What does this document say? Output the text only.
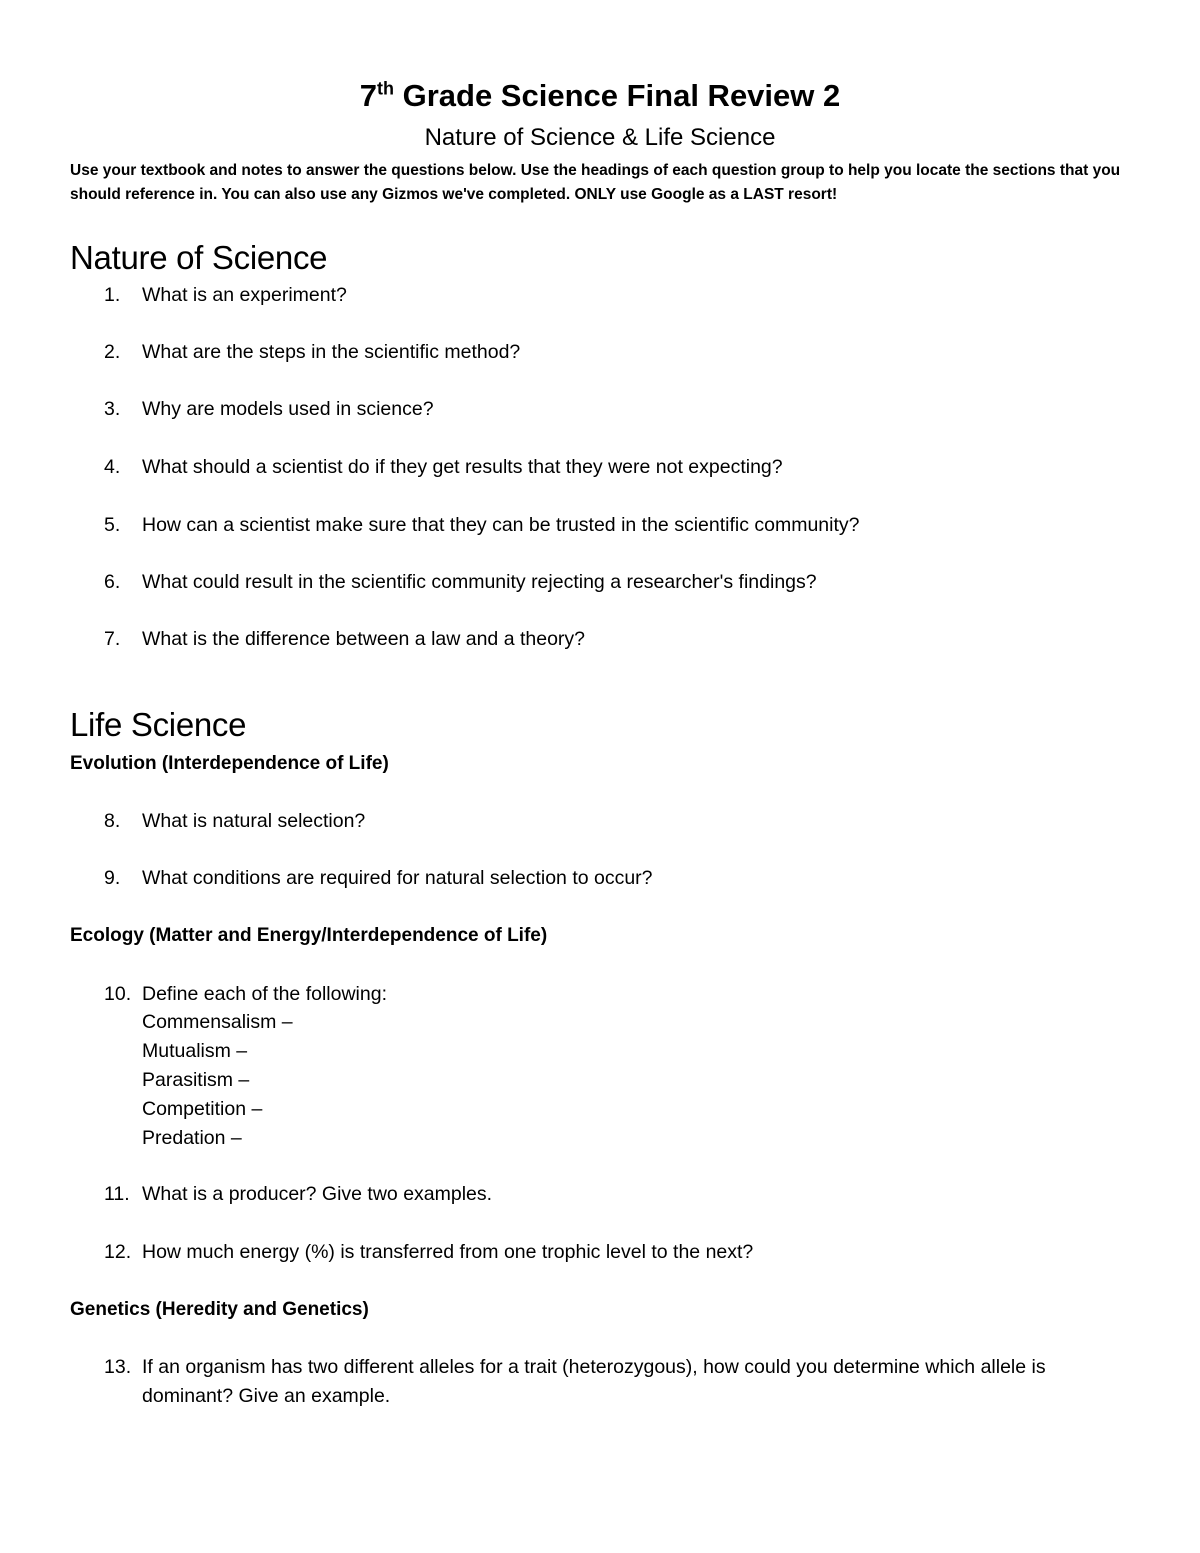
7th Grade Science Final Review 2
Nature of Science & Life Science
Use your textbook and notes to answer the questions below. Use the headings of each question group to help you locate the sections that you should reference in. You can also use any Gizmos we've completed. ONLY use Google as a LAST resort!
Nature of Science
1.	What is an experiment?
2.	What are the steps in the scientific method?
3.	Why are models used in science?
4.	What should a scientist do if they get results that they were not expecting?
5.	How can a scientist make sure that they can be trusted in the scientific community?
6.	What could result in the scientific community rejecting a researcher's findings?
7.	What is the difference between a law and a theory?
Life Science
Evolution (Interdependence of Life)
8.	What is natural selection?
9.	What conditions are required for natural selection to occur?
Ecology (Matter and Energy/Interdependence of Life)
10. Define each of the following:
Commensalism –
Mutualism –
Parasitism –
Competition –
Predation –
11. What is a producer? Give two examples.
12. How much energy (%) is transferred from one trophic level to the next?
Genetics (Heredity and Genetics)
13. If an organism has two different alleles for a trait (heterozygous), how could you determine which allele is dominant? Give an example.
